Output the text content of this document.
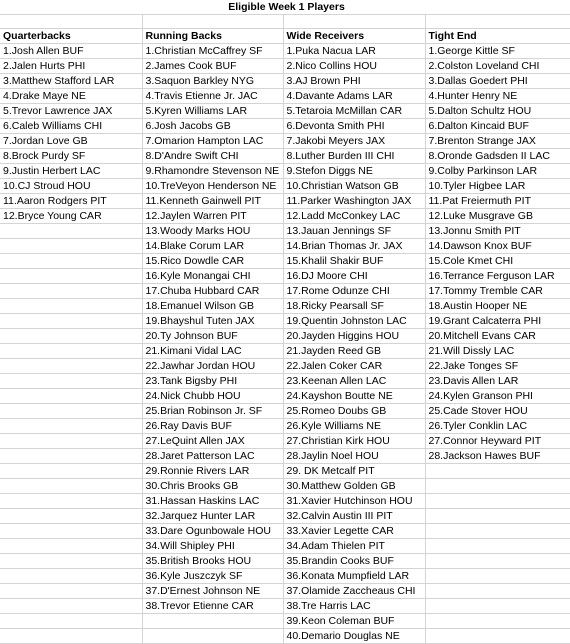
Eligible Week 1 Players			

Quarterbacks	Running Backs	Wide Receivers	Tight End
1.Josh Allen BUF	1.Christian McCaffrey SF	1.Puka Nacua LAR	1.George Kittle SF
2.Jalen Hurts PHI	2.James Cook BUF	2.Nico Collins HOU	2.Colston Loveland CHI
3.Matthew Stafford LAR	3.Saquon Barkley NYG	3.AJ Brown PHI	3.Dallas Goedert PHI
4.Drake Maye NE	4.Travis Etienne Jr. JAC	4.Davante Adams LAR	4.Hunter Henry NE
5.Trevor Lawrence JAX	5.Kyren Williams LAR	5.Tetaroia McMillan CAR	5.Dalton Schultz HOU
6.Caleb Williams CHI	6.Josh Jacobs GB	6.Devonta Smith PHI	6.Dalton Kincaid BUF
7.Jordan Love GB	7.Omarion Hampton LAC	7.Jakobi Meyers JAX	7.Brenton Strange JAX
8.Brock Purdy SF	8.D'Andre Swift CHI	8.Luther Burden III CHI	8.Oronde Gadsden II LAC
9.Justin Herbert LAC	9.Rhamondre Stevenson NE	9.Stefon Diggs NE	9.Colby Parkinson LAR
10.CJ Stroud HOU	10.TreVeyon Henderson NE	10.Christian Watson GB	10.Tyler Higbee LAR
11.Aaron Rodgers PIT	11.Kenneth Gainwell PIT	11.Parker Washington JAX	11.Pat Freiermuth PIT
12.Bryce Young CAR	12.Jaylen Warren PIT	12.Ladd McConkey LAC	12.Luke Musgrave GB
	13.Woody Marks HOU	13.Jauan Jennings SF	13.Jonnu Smith PIT
	14.Blake Corum LAR	14.Brian Thomas Jr. JAX	14.Dawson Knox BUF
	15.Rico Dowdle CAR	15.Khalil Shakir BUF	15.Cole Kmet CHI
	16.Kyle Monangai CHI	16.DJ Moore CHI	16.Terrance Ferguson LAR
	17.Chuba Hubbard CAR	17.Rome Odunze CHI	17.Tommy Tremble CAR
	18.Emanuel Wilson GB	18.Ricky Pearsall SF	18.Austin Hooper NE
	19.Bhayshul Tuten JAX	19.Quentin Johnston LAC	19.Grant Calcaterra PHI
	20.Ty Johnson BUF	20.Jayden Higgins HOU	20.Mitchell Evans CAR
	21.Kimani Vidal LAC	21.Jayden Reed GB	21.Will Dissly LAC
	22.Jawhar Jordan HOU	22.Jalen Coker CAR	22.Jake Tonges SF
	23.Tank Bigsby PHI	23.Keenan Allen LAC	23.Davis Allen LAR
	24.Nick Chubb HOU	24.Kayshon Boutte NE	24.Kylen Granson PHI
	25.Brian Robinson Jr. SF	25.Romeo Doubs GB	25.Cade Stover HOU
	26.Ray Davis BUF	26.Kyle Williams NE	26.Tyler Conklin LAC
	27.LeQuint Allen JAX	27.Christian Kirk HOU	27.Connor Heyward PIT
	28.Jaret Patterson LAC	28.Jaylin Noel HOU	28.Jackson Hawes BUF
	29.Ronnie Rivers LAR	29. DK Metcalf PIT	
	30.Chris Brooks GB	30.Matthew Golden GB	
	31.Hassan Haskins LAC	31.Xavier Hutchinson HOU	
	32.Jarquez Hunter LAR	32.Calvin Austin III PIT	
	33.Dare Ogunbowale HOU	33.Xavier Legette CAR	
	34.Will Shipley PHI	34.Adam Thielen PIT	
	35.British Brooks HOU	35.Brandin Cooks BUF	
	36.Kyle Juszczyk SF	36.Konata Mumpfield LAR	
	37.D'Ernest Johnson NE	37.Olamide Zaccheaus CHI	
	38.Trevor Etienne CAR	38.Tre Harris LAC	
		39.Keon Coleman BUF	
		40.Demario Douglas NE	
